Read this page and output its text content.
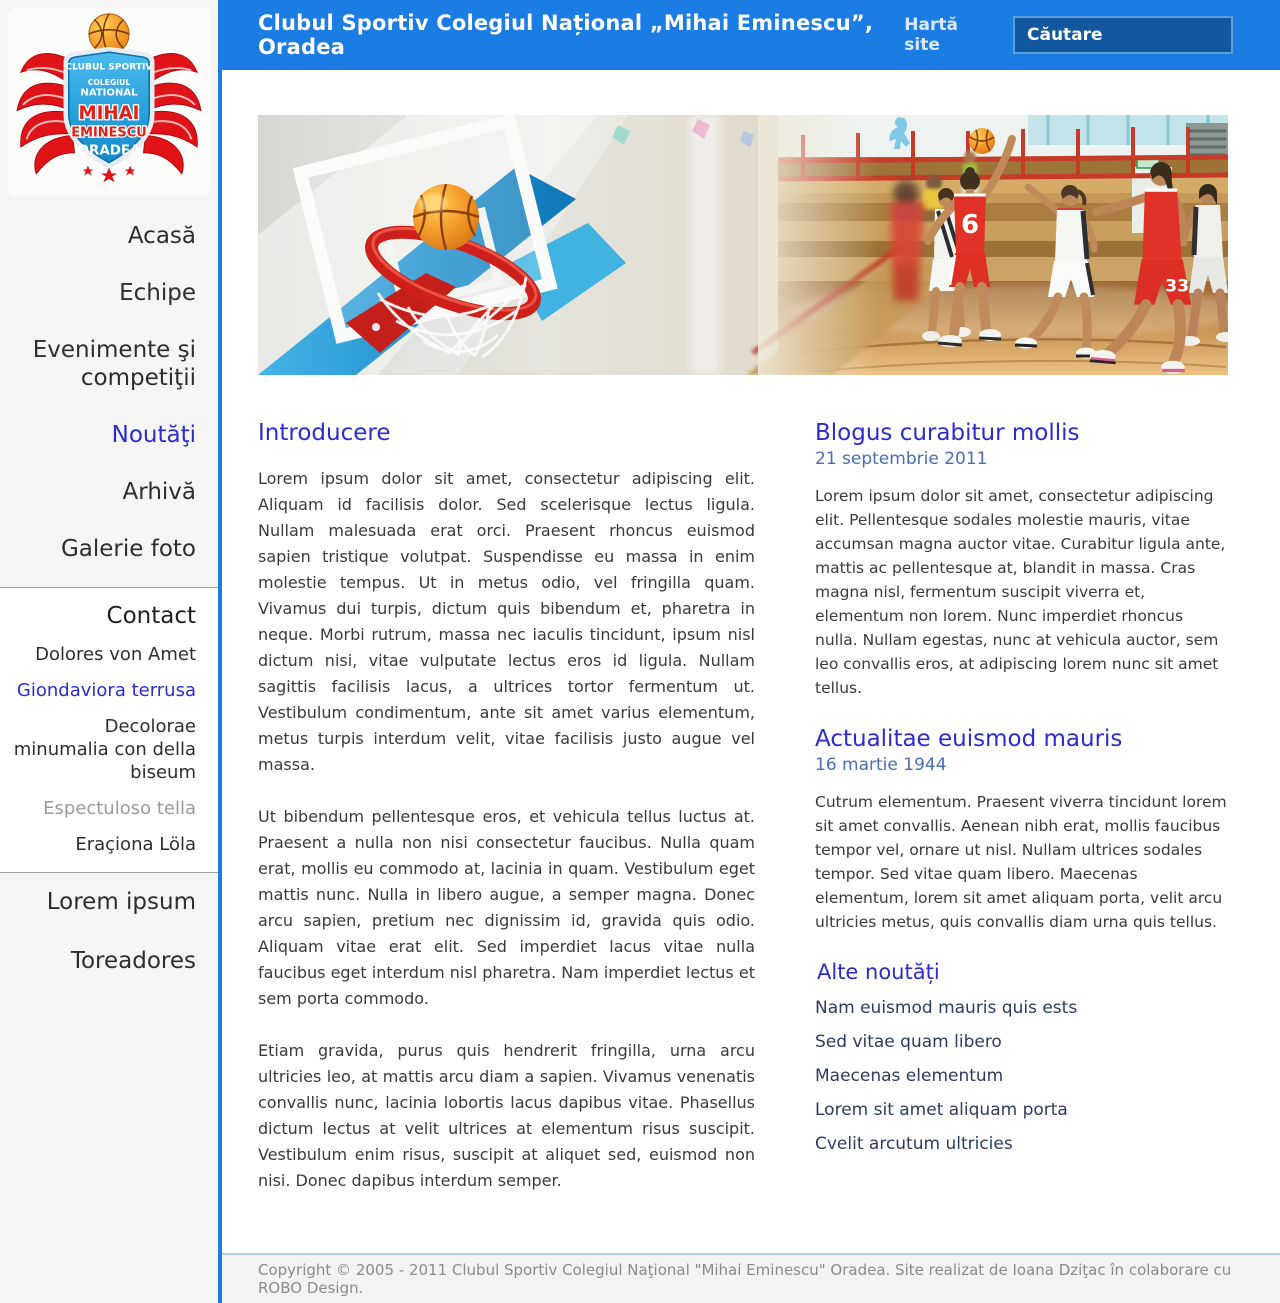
CLUBUL SPORTIV
COLEGIUL
NATIONAL
MIHAI
EMINESCU
ORADEA
Acasă
Echipe
Evenimente şi competiţii
Noutăţi
Arhivă
Galerie foto
Contact
Dolores von Amet
Giondaviora terrusa
Decolorae minumalia con della biseum
Espectuloso tella
Eraçiona Löla
Lorem ipsum
Toreadores
Clubul Sportiv Colegiul Național „Mihai Eminescu”, Oradea
Hartă site
Căutare
6
33
Introducere

Lorem ipsum dolor sit amet, consectetur adipiscing elit. Aliquam id facilisis dolor. Sed scelerisque lectus ligula. Nullam malesuada erat orci. Praesent rhoncus euismod sapien tristique volutpat. Suspendisse eu massa in enim molestie tempus. Ut in metus odio, vel fringilla quam. Vivamus dui turpis, dictum quis bibendum et, pharetra in neque. Morbi rutrum, massa nec iaculis tincidunt, ipsum nisl dictum nisi, vitae vulputate lectus eros id ligula. Nullam sagittis facilisis lacus, a ultrices tortor fermentum ut. Vestibulum condimentum, ante sit amet varius elementum, metus turpis interdum velit, vitae facilisis justo augue vel massa.

Ut bibendum pellentesque eros, et vehicula tellus luctus at. Praesent a nulla non nisi consectetur faucibus. Nulla quam erat, mollis eu commodo at, lacinia in quam. Vestibulum eget mattis nunc. Nulla in libero augue, a semper magna. Donec arcu sapien, pretium nec dignissim id, gravida quis odio. Aliquam vitae erat elit. Sed imperdiet lacus vitae nulla faucibus eget interdum nisl pharetra. Nam imperdiet lectus et sem porta commodo.

Etiam gravida, purus quis hendrerit fringilla, urna arcu ultricies leo, at mattis arcu diam a sapien. Vivamus venenatis convallis nunc, lacinia lobortis lacus dapibus vitae. Phasellus dictum lectus at velit ultrices at elementum risus suscipit. Vestibulum enim risus, suscipit at aliquet sed, euismod non nisi. Donec dapibus interdum semper.

Blogus curabitur mollis
21 septembrie 2011

Lorem ipsum dolor sit amet, consectetur adipiscing elit. Pellentesque sodales molestie mauris, vitae accumsan magna auctor vitae. Curabitur ligula ante, mattis ac pellentesque at, blandit in massa. Cras magna nisl, fermentum suscipit viverra et, elementum non lorem. Nunc imperdiet rhoncus nulla. Nullam egestas, nunc at vehicula auctor, sem leo convallis eros, at adipiscing lorem nunc sit amet tellus.

Actualitae euismod mauris
16 martie 1944

Cutrum elementum. Praesent viverra tincidunt lorem sit amet convallis. Aenean nibh erat, mollis faucibus tempor vel, ornare ut nisl. Nullam ultrices sodales tempor. Sed vitae quam libero. Maecenas elementum, lorem sit amet aliquam porta, velit arcu ultricies metus, quis convallis diam urna quis tellus.

Alte noutăți
Nam euismod mauris quis ests
Sed vitae quam libero
Maecenas elementum
Lorem sit amet aliquam porta
Cvelit arcutum ultricies
Copyright © 2005 - 2011 Clubul Sportiv Colegiul Naţional "Mihai Eminescu" Oradea. Site realizat de Ioana Dziţac în colaborare cu ROBO Design.
